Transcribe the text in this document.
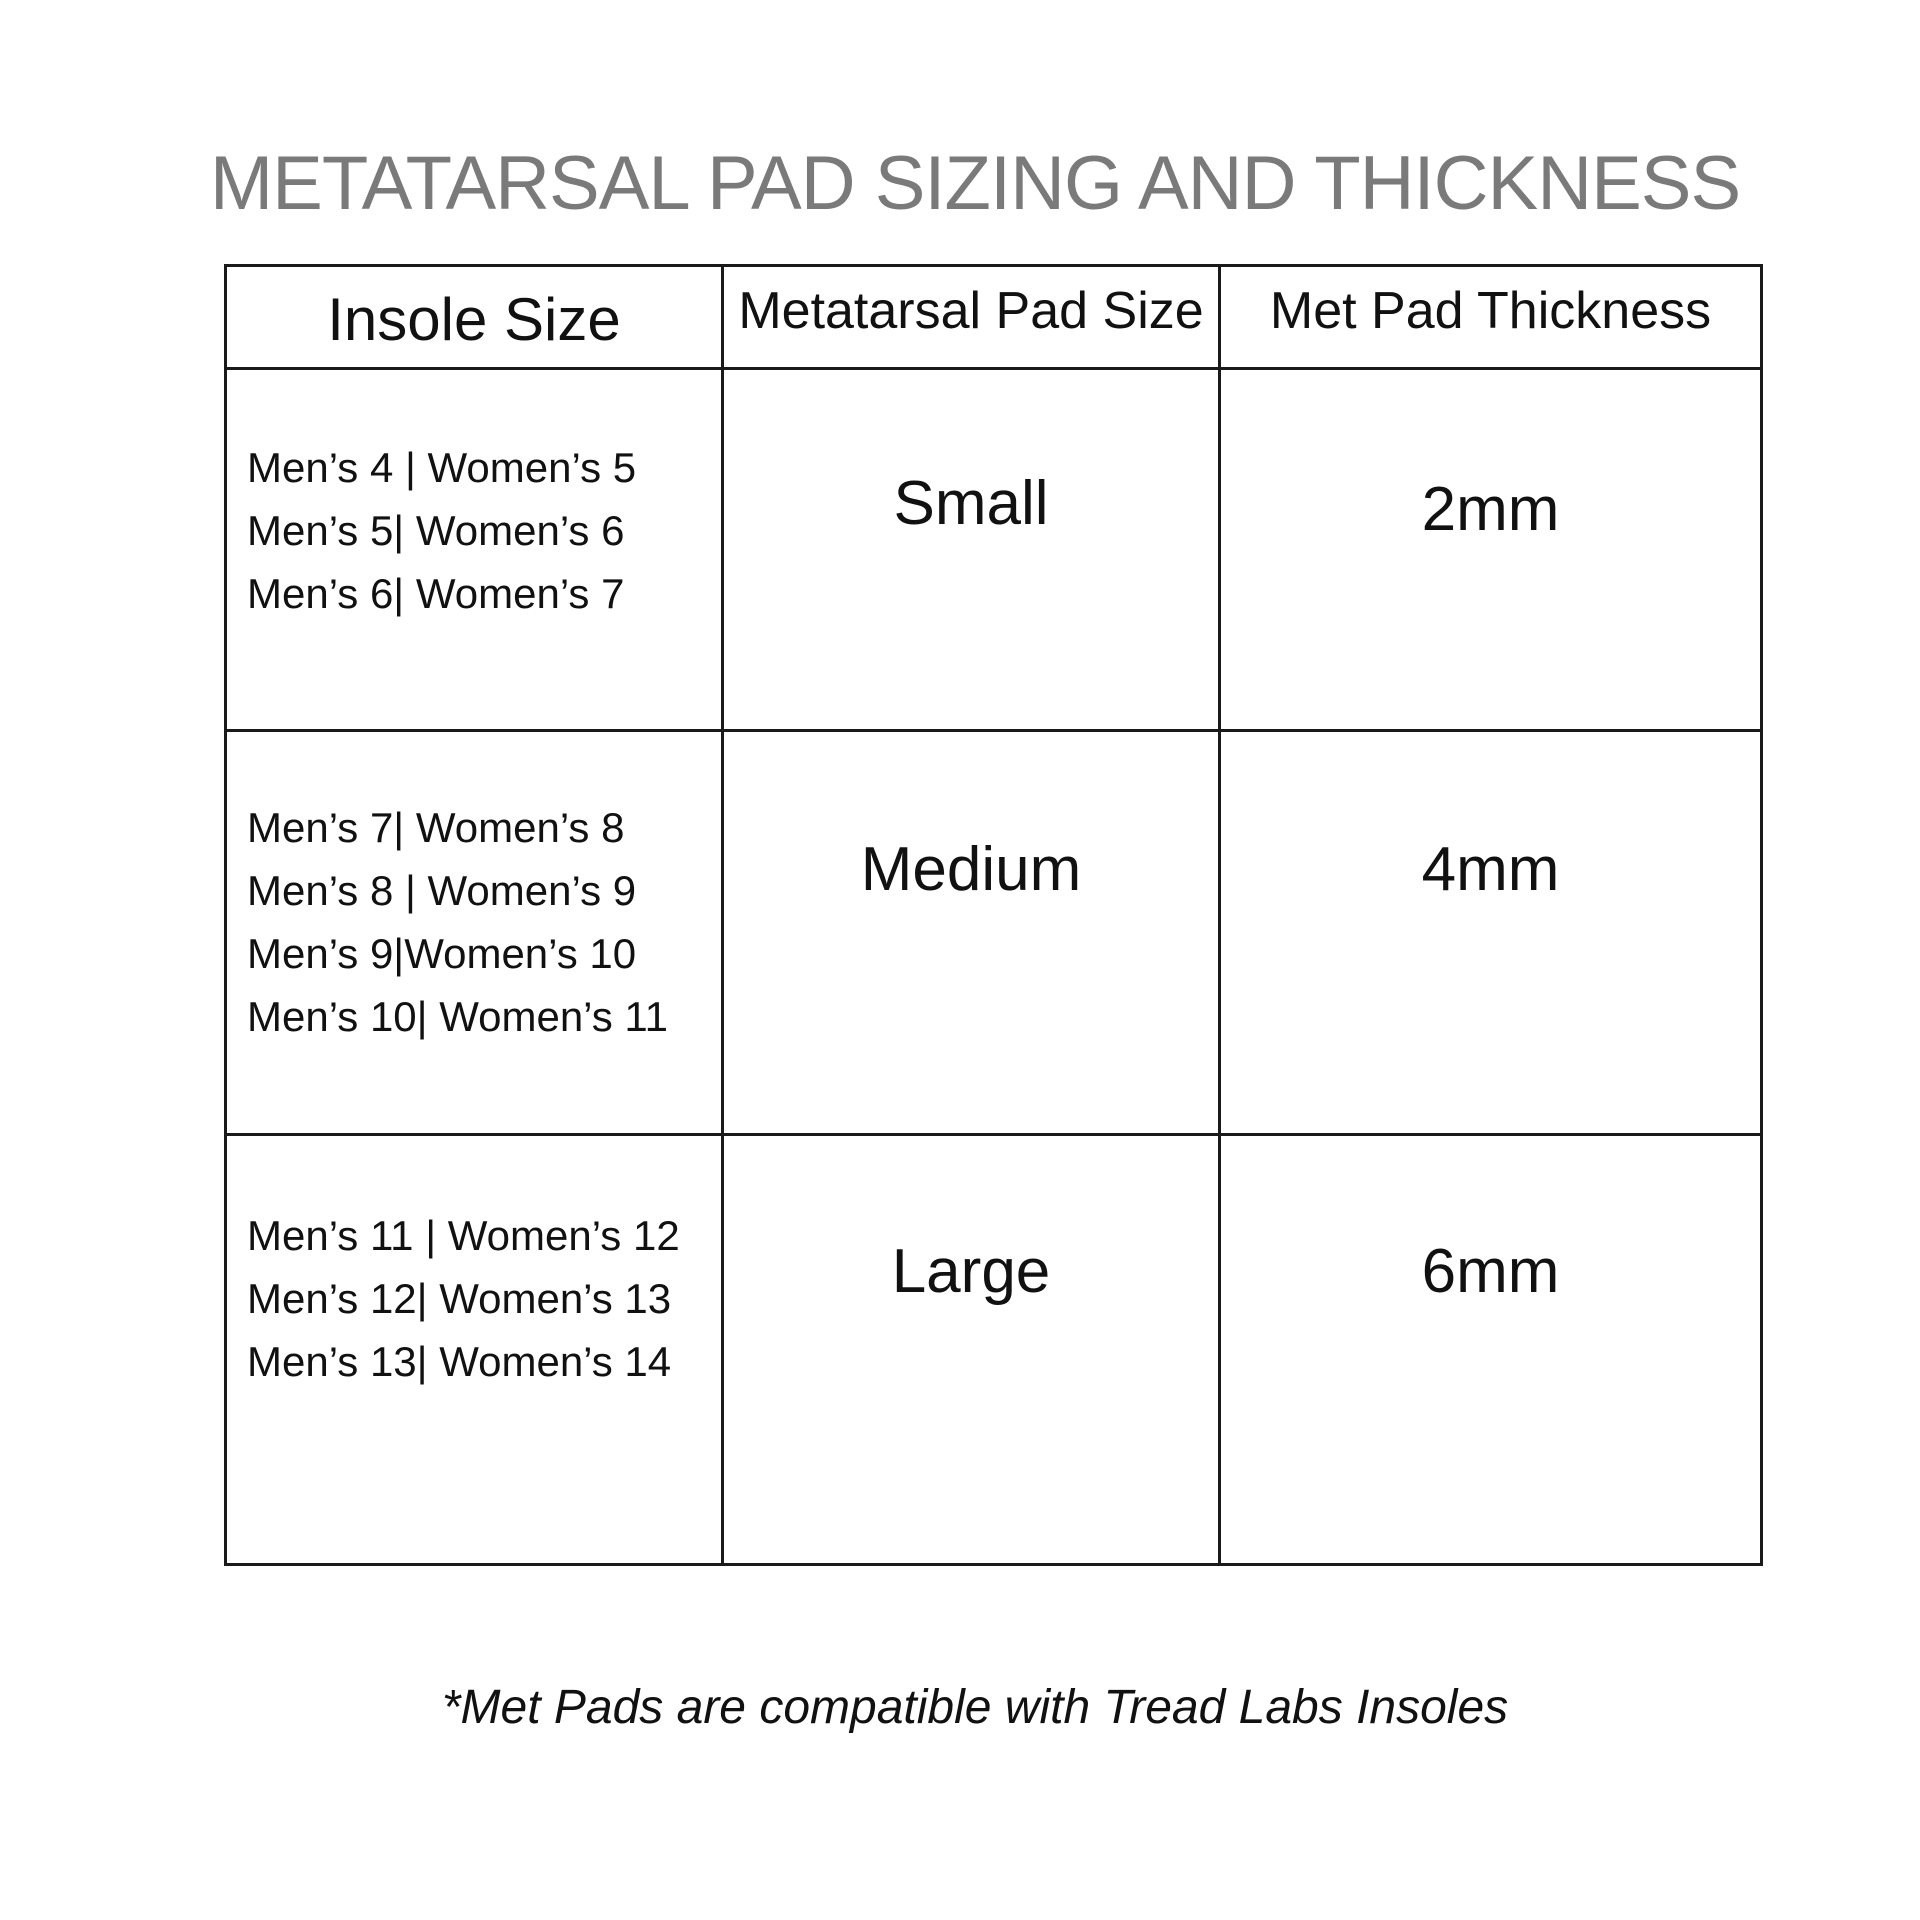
METATARSAL PAD SIZING AND THICKNESS
Insole Size	Metatarsal Pad Size	Met Pad Thickness

Men’s 4 | Women’s 5
Men’s 5| Women’s 6
Men’s 6| Women’s 7	Small	2mm

Men’s 7| Women’s 8
Men’s 8 | Women’s 9
Men’s 9|Women’s 10
Men’s 10| Women’s 11	Medium	4mm

Men’s 11 | Women’s 12
Men’s 12| Women’s 13
Men’s 13| Women’s 14	Large	6mm
*Met Pads are compatible with Tread Labs Insoles
